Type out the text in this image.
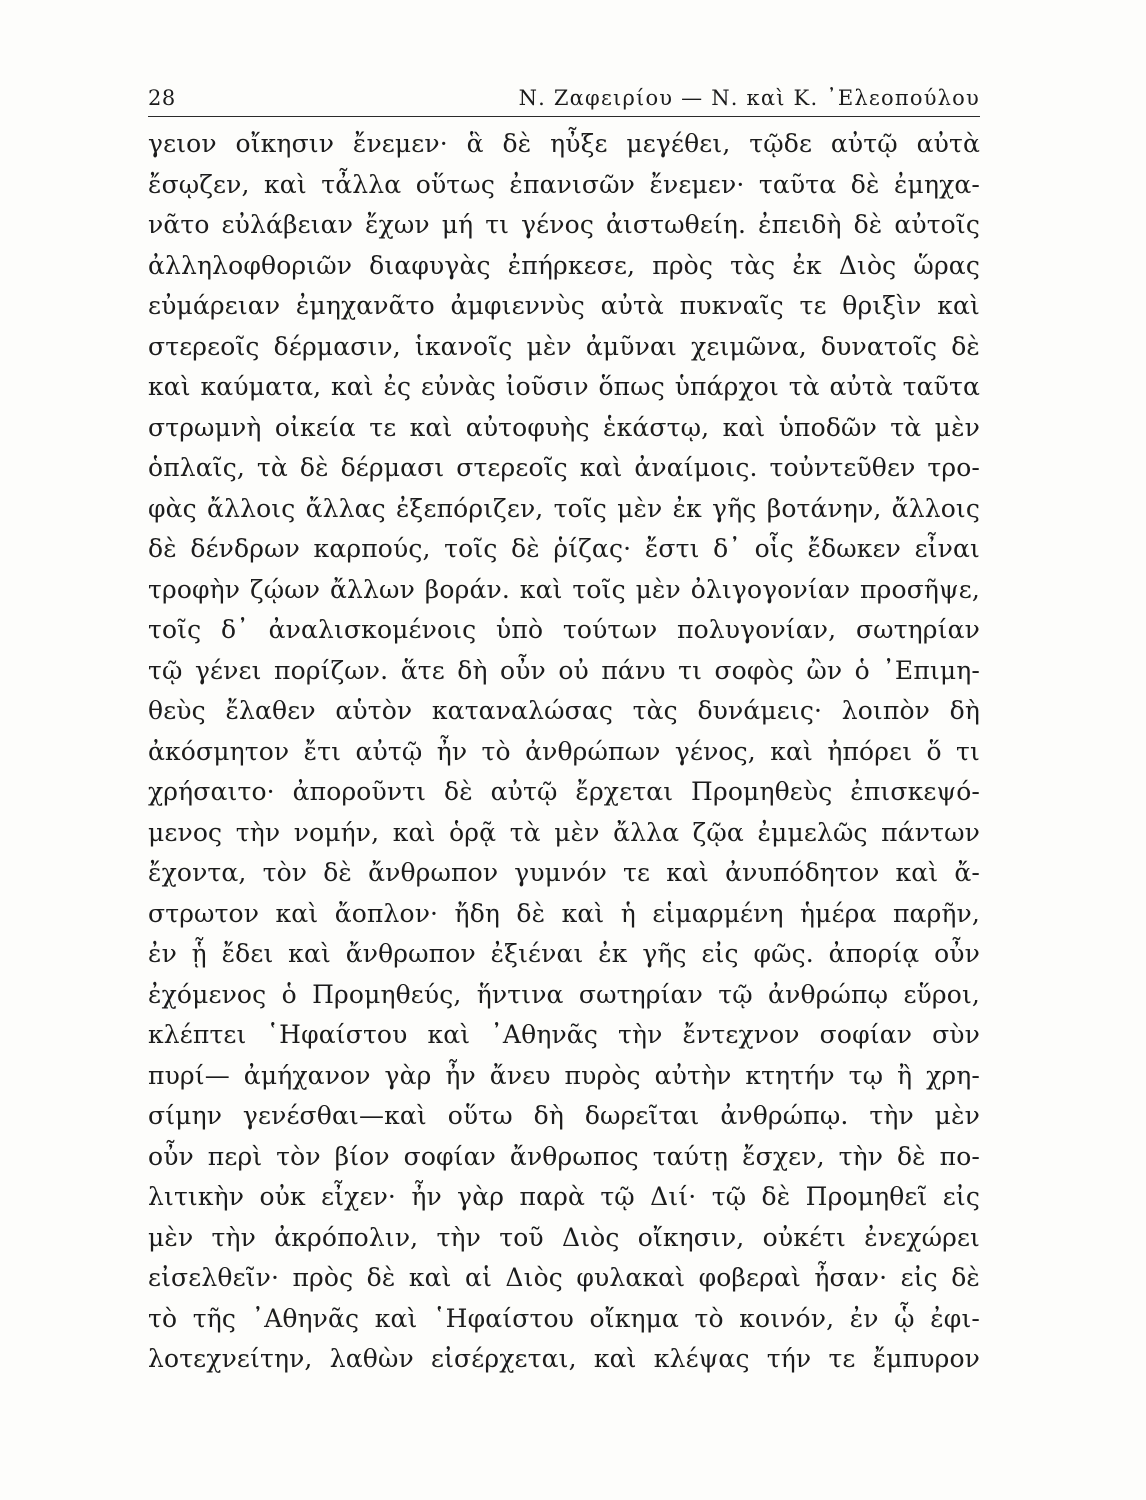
28	Ν. Ζαφειρίου — Ν. καὶ Κ. ᾿Ελεοπούλου
γειον οἴκησιν ἔνεμεν· ἃ δὲ ηὖξε μεγέθει, τῷδε αὐτῷ αὐτὰ
ἔσῳζεν, καὶ τἆλλα οὕτως ἐπανισῶν ἔνεμεν· ταῦτα δὲ ἐμηχα-
νᾶτο εὐλάβειαν ἔχων μή τι γένος ἀιστωθείη. ἐπειδὴ δὲ αὐτοῖς
ἀλληλοφθοριῶν διαφυγὰς ἐπήρκεσε, πρὸς τὰς ἐκ Διὸς ὥρας
εὐμάρειαν ἐμηχανᾶτο ἀμφιεννὺς αὐτὰ πυκναῖς τε θριξὶν καὶ
στερεοῖς δέρμασιν, ἱκανοῖς μὲν ἀμῦναι χειμῶνα, δυνατοῖς δὲ
καὶ καύματα, καὶ ἐς εὐνὰς ἰοῦσιν ὅπως ὑπάρχοι τὰ αὐτὰ ταῦτα
στρωμνὴ οἰκεία τε καὶ αὐτοφυὴς ἑκάστῳ, καὶ ὑποδῶν τὰ μὲν
ὁπλαῖς, τὰ δὲ δέρμασι στερεοῖς καὶ ἀναίμοις. τοὐντεῦθεν τρο-
φὰς ἄλλοις ἄλλας ἐξεπόριζεν, τοῖς μὲν ἐκ γῆς βοτάνην, ἄλλοις
δὲ δένδρων καρπούς, τοῖς δὲ ῥίζας· ἔστι δ᾿ οἷς ἔδωκεν εἶναι
τροφὴν ζῴων ἄλλων βοράν. καὶ τοῖς μὲν ὀλιγογονίαν προσῆψε,
τοῖς δ᾿ ἀναλισκομένοις ὑπὸ τούτων πολυγονίαν, σωτηρίαν
τῷ γένει πορίζων. ἅτε δὴ οὖν οὐ πάνυ τι σοφὸς ὢν ὁ ᾿Επιμη-
θεὺς ἔλαθεν αὑτὸν καταναλώσας τὰς δυνάμεις· λοιπὸν δὴ
ἀκόσμητον ἔτι αὐτῷ ἦν τὸ ἀνθρώπων γένος, καὶ ἠπόρει ὅ τι
χρήσαιτο· ἀποροῦντι δὲ αὐτῷ ἔρχεται Προμηθεὺς ἐπισκεψό-
μενος τὴν νομήν, καὶ ὁρᾷ τὰ μὲν ἄλλα ζῷα ἐμμελῶς πάντων
ἔχοντα, τὸν δὲ ἄνθρωπον γυμνόν τε καὶ ἀνυπόδητον καὶ ἄ-
στρωτον καὶ ἄοπλον· ἤδη δὲ καὶ ἡ εἱμαρμένη ἡμέρα παρῆν,
ἐν ᾗ ἔδει καὶ ἄνθρωπον ἐξιέναι ἐκ γῆς εἰς φῶς. ἀπορίᾳ οὖν
ἐχόμενος ὁ Προμηθεύς, ἥντινα σωτηρίαν τῷ ἀνθρώπῳ εὕροι,
κλέπτει ῾Ηφαίστου καὶ ᾿Αθηνᾶς τὴν ἔντεχνον σοφίαν σὺν
πυρί— ἀμήχανον γὰρ ἦν ἄνευ πυρὸς αὐτὴν κτητήν τῳ ἢ χρη-
σίμην γενέσθαι—καὶ οὕτω δὴ δωρεῖται ἀνθρώπῳ. τὴν μὲν
οὖν περὶ τὸν βίον σοφίαν ἄνθρωπος ταύτῃ ἔσχεν, τὴν δὲ πο-
λιτικὴν οὐκ εἶχεν· ἦν γὰρ παρὰ τῷ Διί· τῷ δὲ Προμηθεῖ εἰς
μὲν τὴν ἀκρόπολιν, τὴν τοῦ Διὸς οἴκησιν, οὐκέτι ἐνεχώρει
εἰσελθεῖν· πρὸς δὲ καὶ αἱ Διὸς φυλακαὶ φοβεραὶ ἦσαν· εἰς δὲ
τὸ τῆς ᾿Αθηνᾶς καὶ ῾Ηφαίστου οἴκημα τὸ κοινόν, ἐν ᾧ ἐφι-
λοτεχνείτην, λαθὼν εἰσέρχεται, καὶ κλέψας τήν τε ἔμπυρον
